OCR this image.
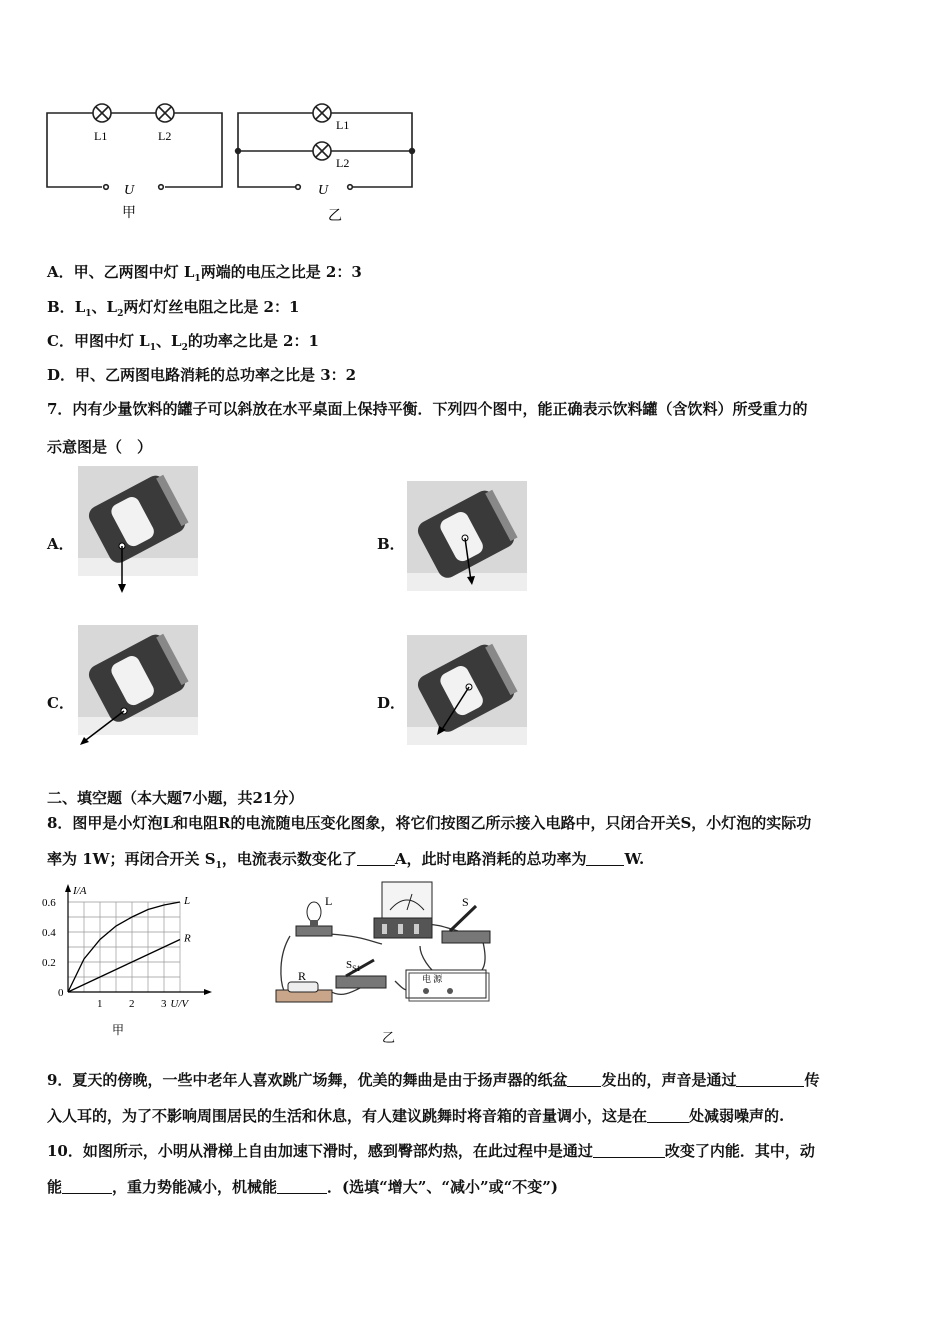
L1	L2
U
甲
L1
L2
U
乙
A．甲、乙两图中灯 $L_1$两端的电压之比是 2：3
B．$L_1$、$L_2$两灯灯丝电阻之比是 2：1
C．甲图中灯 $L_1$、$L_2$的功率之比是 2：1
D．甲、乙两图电路消耗的总功率之比是 3：2
7．内有少量饮料的罐子可以斜放在水平桌面上保持平衡．下列四个图中，能正确表示饮料罐（含饮料）所受重力的
示意图是（　）
A．	B．
C．	D．
二、填空题（本大题7小题，共21分）
8．图甲是小灯泡L和电阻R的电流随电压变化图象，将它们按图乙所示接入电路中，只闭合开关S，小灯泡的实际功
率为 1W；再闭合开关 $S_1$，电流表示数变化了	A，此时电路消耗的总功率为	W.
1 2 3
0.2
0.4
0.6
0
U/V
I/A
甲
L
R
L	S
$S_{S1}$
R	电 源
乙
9．夏天的傍晚，一些中老年人喜欢跳广场舞，优美的舞曲是由于扬声器的纸盆 发出的，声音是通过	传
入人耳的，为了不影响周围居民的生活和休息，有人建议跳舞时将音箱的音量调小，这是在	处减弱噪声的.
10．如图所示，小明从滑梯上自由加速下滑时，感到臀部灼热，在此过程中是通过	改变了内能．其中，动
能	，重力势能减小，机械能	．(选填“增大”、“减小”或“不变”)
